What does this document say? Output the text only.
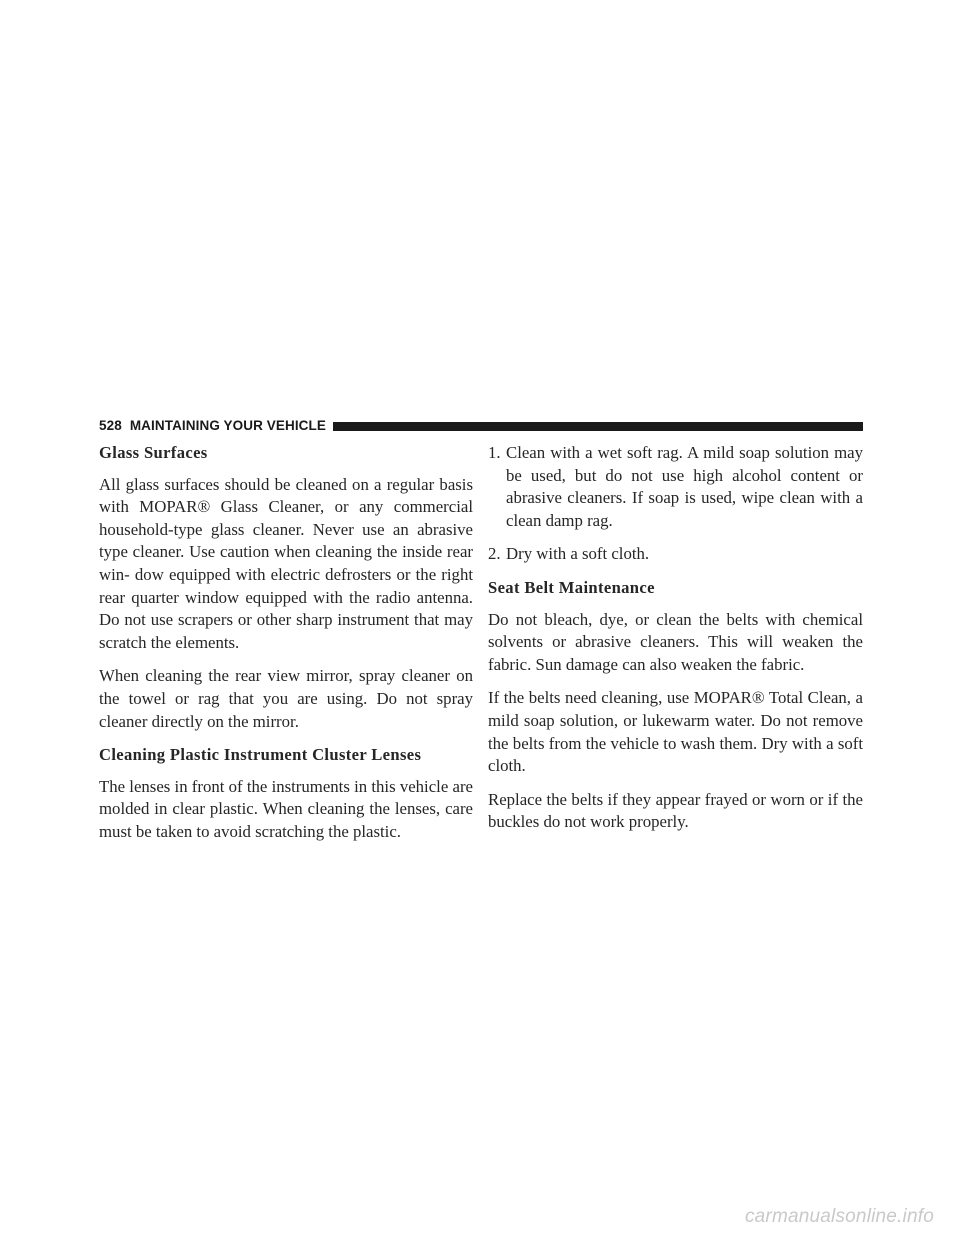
528 MAINTAINING YOUR VEHICLE
Glass Surfaces

All glass surfaces should be cleaned on a regular basis with MOPAR® Glass Cleaner, or any commercial household-type glass cleaner. Never use an abrasive type cleaner. Use caution when cleaning the inside rear win- dow equipped with electric defrosters or the right rear quarter window equipped with the radio antenna. Do not use scrapers or other sharp instrument that may scratch the elements.

When cleaning the rear view mirror, spray cleaner on the towel or rag that you are using. Do not spray cleaner directly on the mirror.

Cleaning Plastic Instrument Cluster Lenses

The lenses in front of the instruments in this vehicle are molded in clear plastic. When cleaning the lenses, care must be taken to avoid scratching the plastic.

1. Clean with a wet soft rag. A mild soap solution may be used, but do not use high alcohol content or abrasive cleaners. If soap is used, wipe clean with a clean damp rag.
2. Dry with a soft cloth.
Seat Belt Maintenance

Do not bleach, dye, or clean the belts with chemical solvents or abrasive cleaners. This will weaken the fabric. Sun damage can also weaken the fabric.

If the belts need cleaning, use MOPAR® Total Clean, a mild soap solution, or lukewarm water. Do not remove the belts from the vehicle to wash them. Dry with a soft cloth.

Replace the belts if they appear frayed or worn or if the buckles do not work properly.

carmanualsonline.info
